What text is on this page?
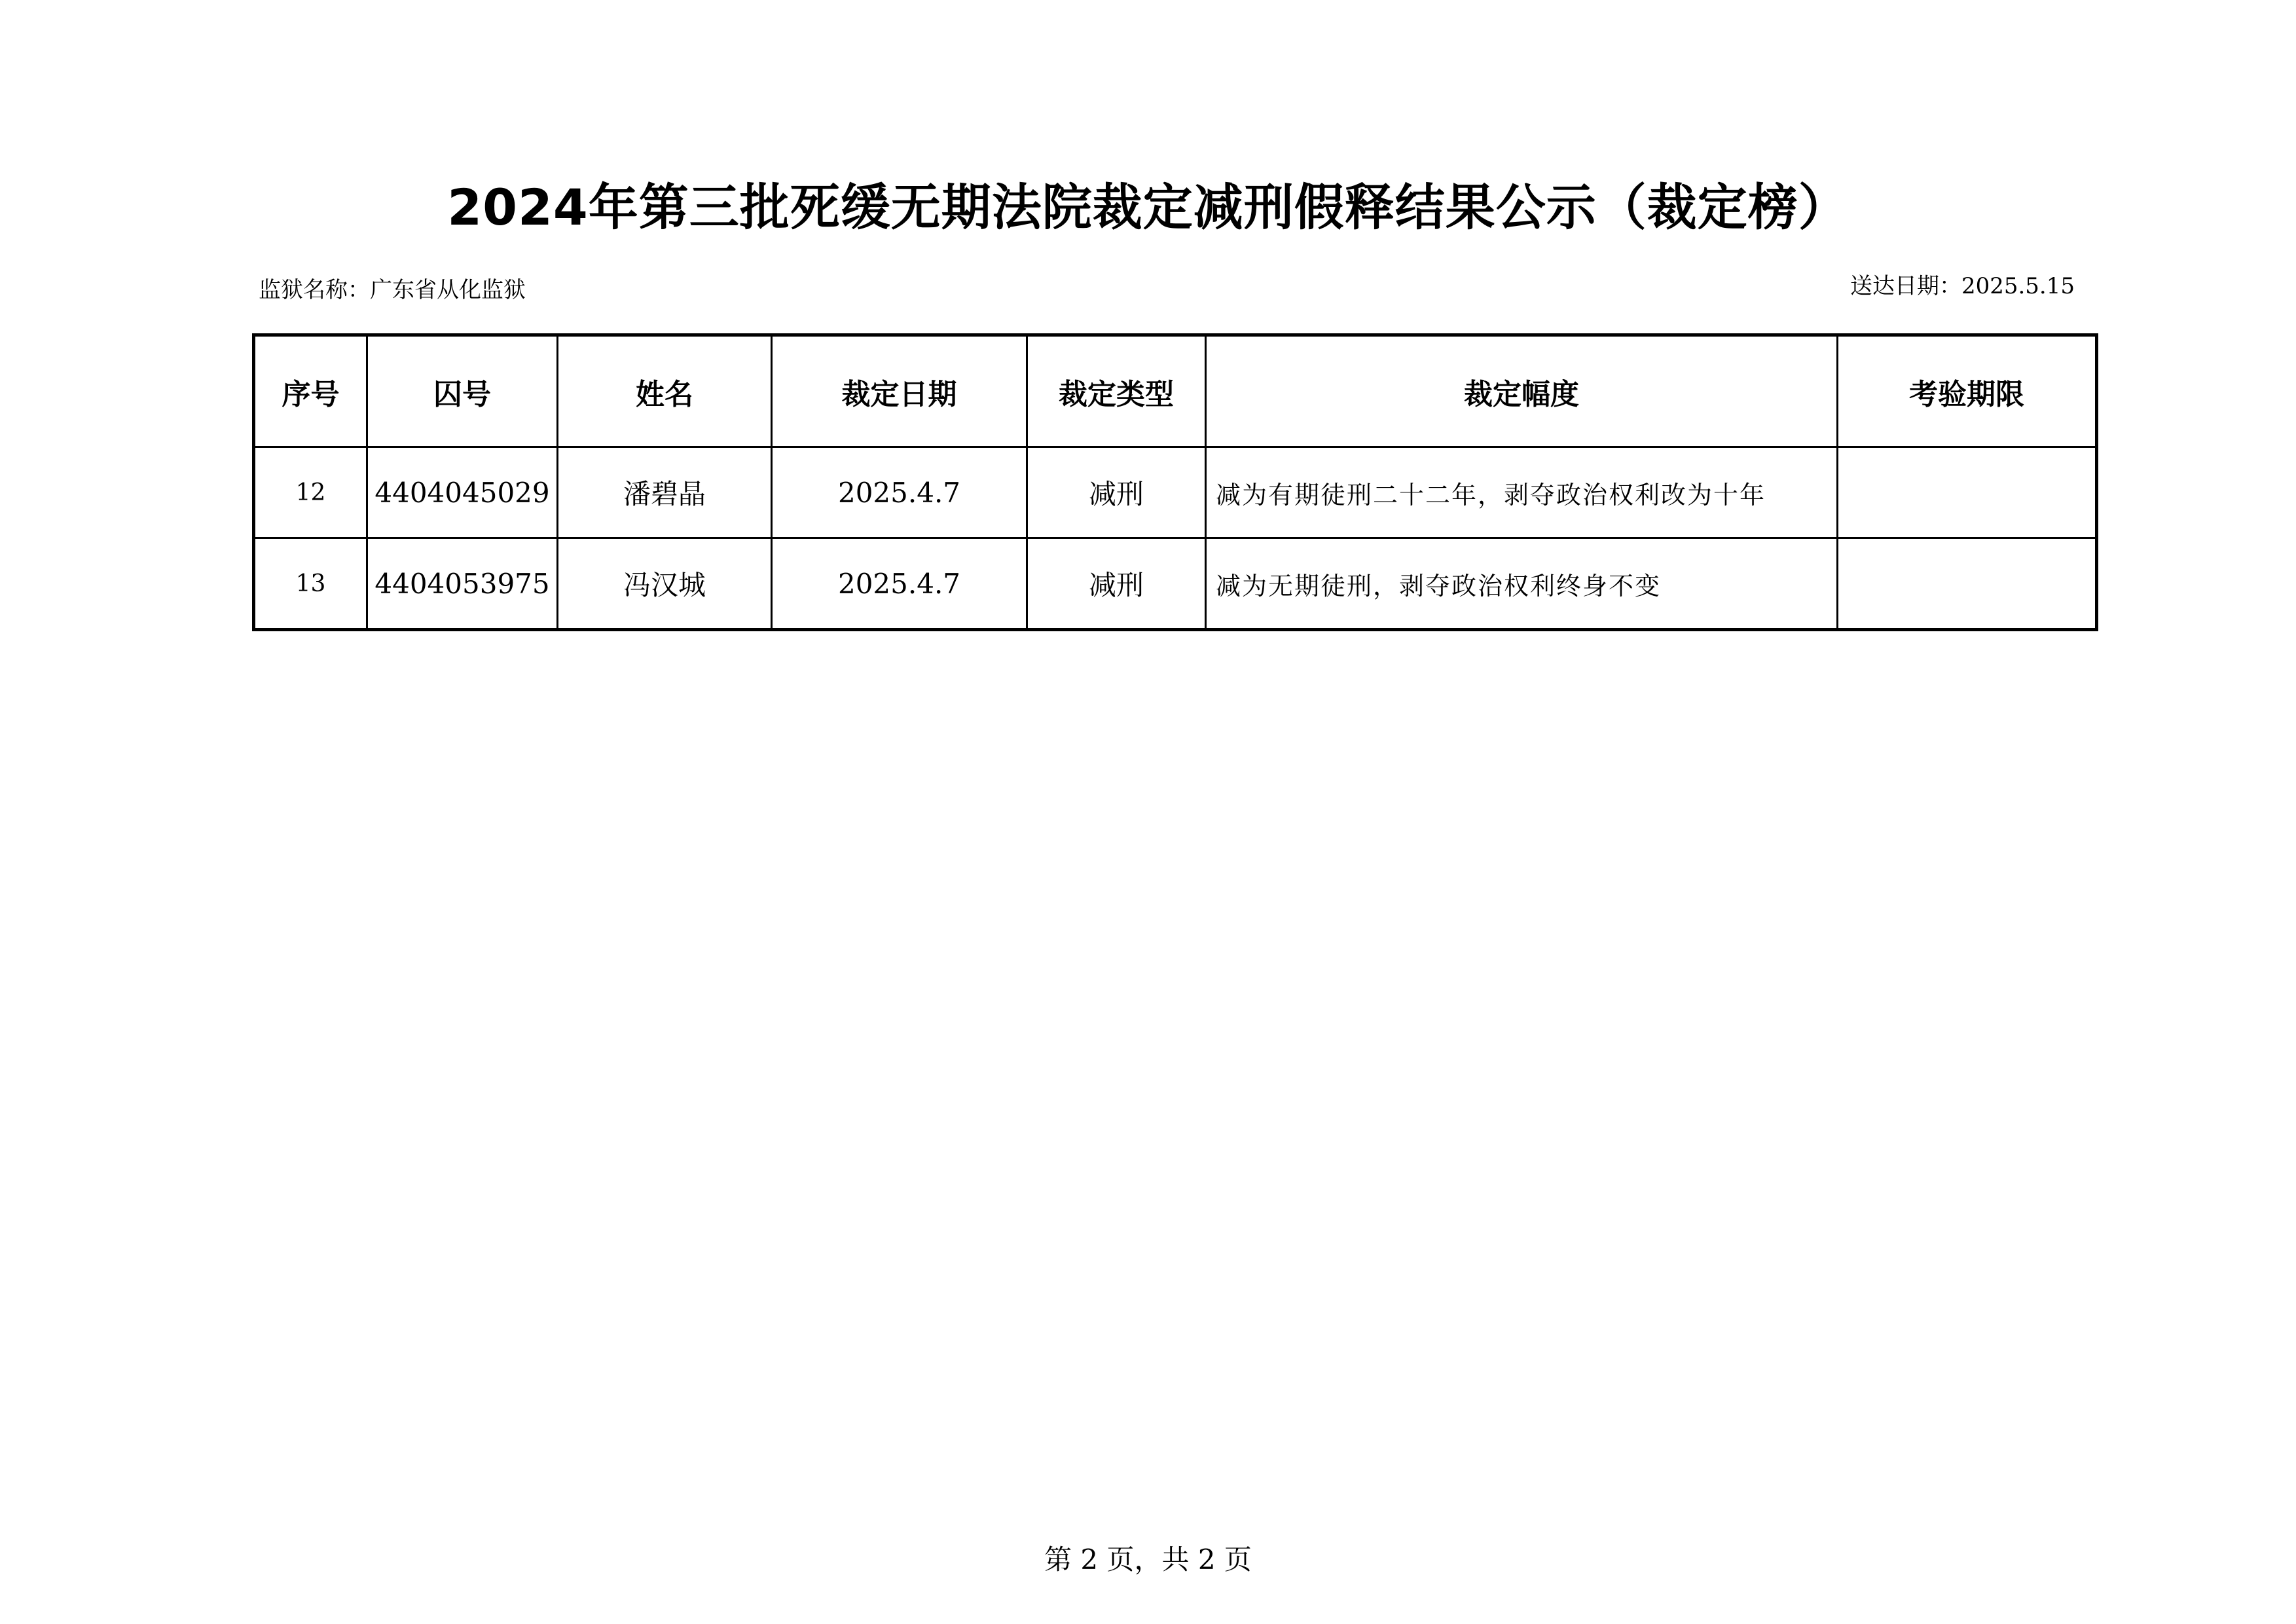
2024年第三批死缓无期法院裁定减刑假释结果公示（裁定榜）
监狱名称：广东省从化监狱	送达日期：2025.5.15
序号	囚号	姓名	裁定日期	裁定类型	裁定幅度	考验期限
12	4404045029	潘碧晶	2025.4.7	减刑	减为有期徒刑二十二年，剥夺政治权利改为十年	
13	4404053975	冯汉城	2025.4.7	减刑	减为无期徒刑，剥夺政治权利终身不变	
第 2 页，共 2 页
